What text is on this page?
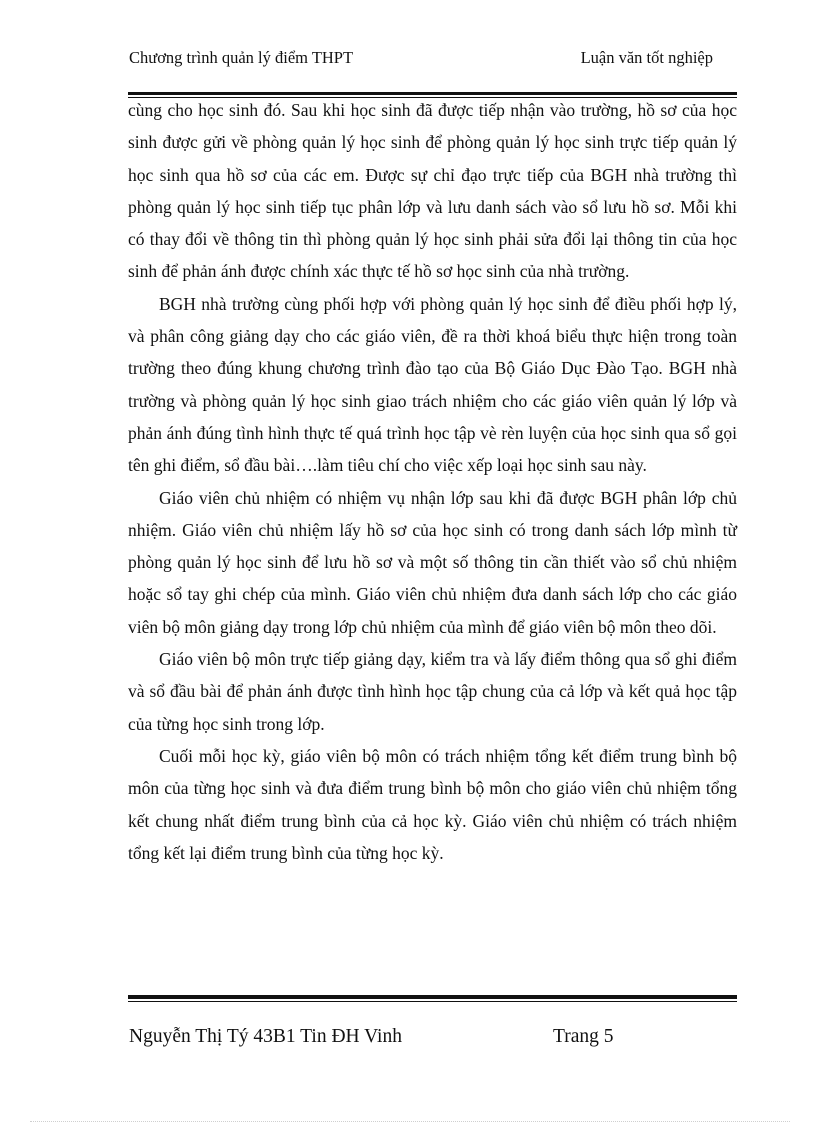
Chương trình quản lý điểm THPT	Luận văn tốt nghiệp

cùng cho học sinh đó. Sau khi học sinh đã được tiếp nhận vào trường, hồ sơ của học sinh được gửi về phòng quản lý học sinh để phòng quản lý học sinh trực tiếp quản lý học sinh qua hồ sơ của các em. Được sự chỉ đạo trực tiếp của BGH nhà trường thì phòng quản lý học sinh tiếp tục phân lớp và lưu danh sách vào sổ lưu hồ sơ. Mỗi khi có thay đổi về thông tin thì phòng quản lý học sinh phải sửa đổi lại thông tin của học sinh để phản ánh được chính xác thực tế hồ sơ học sinh của nhà trường.

BGH nhà trường cùng phối hợp với phòng quản lý học sinh để điều phối hợp lý, và phân công giảng dạy cho các giáo viên, đề ra thời khoá biểu thực hiện trong toàn trường theo đúng khung chương trình đào tạo của Bộ Giáo Dục Đào Tạo. BGH nhà trường và phòng quản lý học sinh giao trách nhiệm cho các giáo viên quản lý lớp và phản ánh đúng tình hình thực tế quá trình học tập vè rèn luyện của học sinh qua sổ gọi tên ghi điểm, sổ đầu bài….làm tiêu chí cho việc xếp loại học sinh sau này.

Giáo viên chủ nhiệm có nhiệm vụ nhận lớp sau khi đã được BGH phân lớp chủ nhiệm. Giáo viên chủ nhiệm lấy hồ sơ của học sinh có trong danh sách lớp mình từ phòng quản lý học sinh để lưu hồ sơ và một số thông tin cần thiết vào sổ chủ nhiệm hoặc sổ tay ghi chép của mình. Giáo viên chủ nhiệm đưa danh sách lớp cho các giáo viên bộ môn giảng dạy trong lớp chủ nhiệm của mình để giáo viên bộ môn theo dõi.

Giáo viên bộ môn trực tiếp giảng dạy, kiểm tra và lấy điểm thông qua sổ ghi điểm và sổ đầu bài để phản ánh được tình hình học tập chung của cả lớp và kết quả học tập của từng học sinh trong lớp.

Cuối mỗi học kỳ, giáo viên bộ môn có trách nhiệm tổng kết điểm trung bình bộ môn của từng học sinh và đưa điểm trung bình bộ môn cho giáo viên chủ nhiệm tổng kết chung nhất điểm trung bình của cả học kỳ. Giáo viên chủ nhiệm có trách nhiệm tổng kết lại điểm trung bình của từng học kỳ.

Nguyễn Thị Tý 43B1 Tin ĐH Vinh	Trang 5
